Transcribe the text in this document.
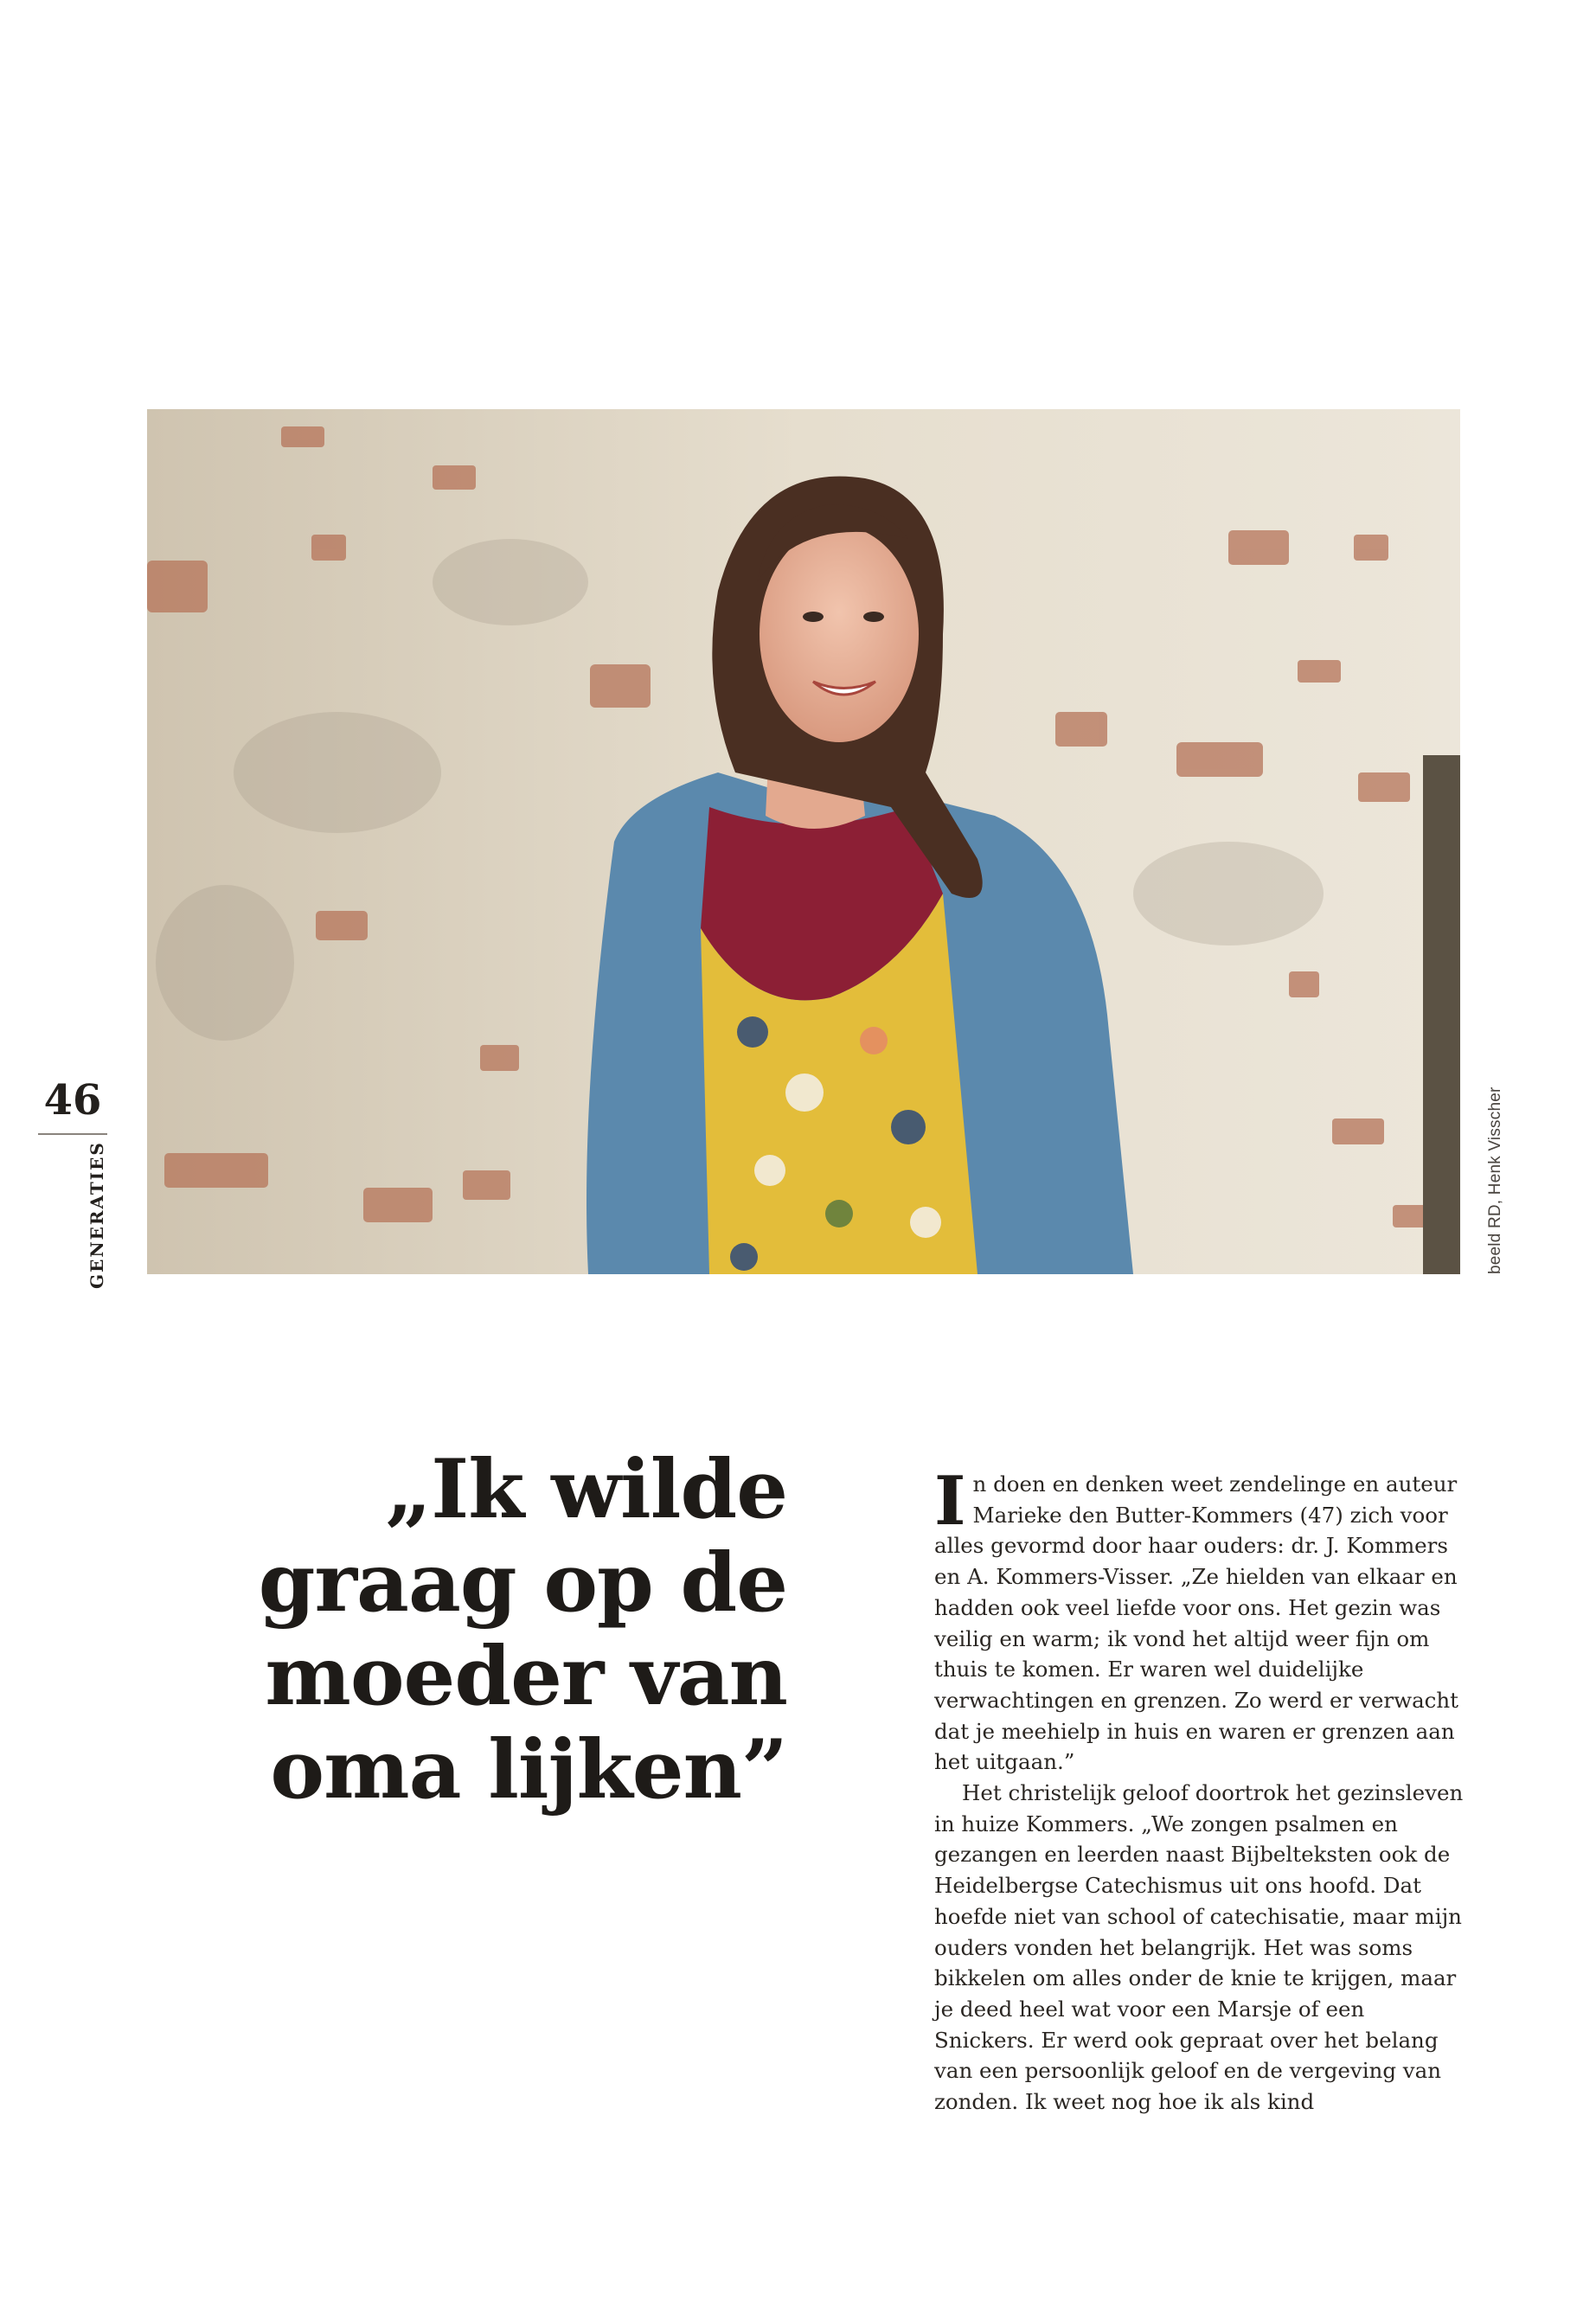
beeld RD, Henk Visscher
46
GENERATIES
„Ik wilde
graag op de
moeder van
oma lijken”

In doen en denken weet zendelinge en auteur Marieke den Butter-Kommers (47) zich voor alles gevormd door haar ouders: dr. J. Kommers en A. Kommers-Visser. „Ze hielden van elkaar en hadden ook veel liefde voor ons. Het gezin was veilig en warm; ik vond het altijd weer fijn om thuis te komen. Er waren wel duidelijke verwachtingen en grenzen. Zo werd er verwacht dat je meehielp in huis en waren er grenzen aan het uitgaan.”

Het christelijk geloof doortrok het gezinsleven in huize Kommers. „We zongen psalmen en gezangen en leerden naast Bijbelteksten ook de Heidelbergse Catechismus uit ons hoofd. Dat hoefde niet van school of catechisatie, maar mijn ouders vonden het belangrijk. Het was soms bikkelen om alles onder de knie te krijgen, maar je deed heel wat voor een Marsje of een Snickers. Er werd ook gepraat over het belang van een persoonlijk geloof en de vergeving van zonden. Ik weet nog hoe ik als kind
